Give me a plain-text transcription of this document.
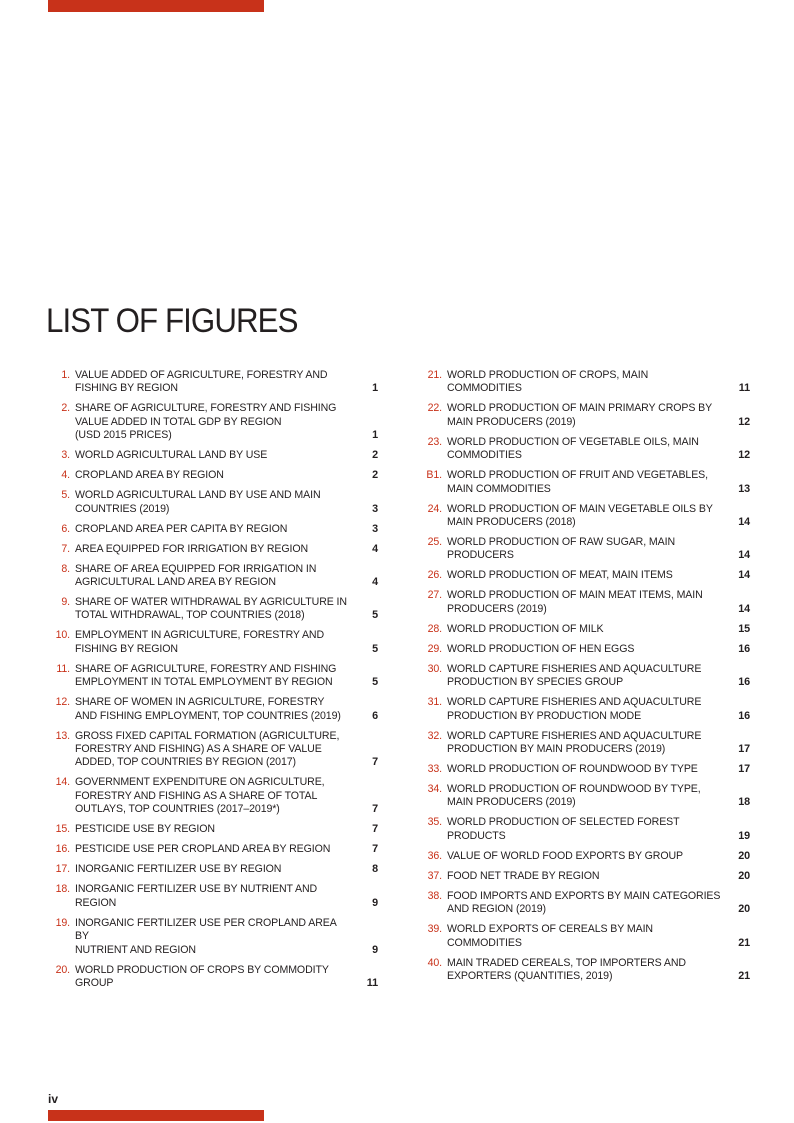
LIST OF FIGURES
1. VALUE ADDED OF AGRICULTURE, FORESTRY AND
FISHING BY REGION	1
2. SHARE OF AGRICULTURE, FORESTRY AND FISHING
VALUE ADDED IN TOTAL GDP BY REGION
(USD 2015 PRICES)	1
3. WORLD AGRICULTURAL LAND BY USE	2
4. CROPLAND AREA BY REGION	2
5. WORLD AGRICULTURAL LAND BY USE AND MAIN
COUNTRIES (2019)	3
6. CROPLAND AREA PER CAPITA BY REGION	3
7. AREA EQUIPPED FOR IRRIGATION BY REGION	4
8. SHARE OF AREA EQUIPPED FOR IRRIGATION IN
AGRICULTURAL LAND AREA BY REGION	4
9. SHARE OF WATER WITHDRAWAL BY AGRICULTURE IN
TOTAL WITHDRAWAL, TOP COUNTRIES (2018)	5
10. EMPLOYMENT IN AGRICULTURE, FORESTRY AND
FISHING BY REGION	5
11. SHARE OF AGRICULTURE, FORESTRY AND FISHING
EMPLOYMENT IN TOTAL EMPLOYMENT BY REGION	5
12. SHARE OF WOMEN IN AGRICULTURE, FORESTRY
AND FISHING EMPLOYMENT, TOP COUNTRIES (2019)	6
13. GROSS FIXED CAPITAL FORMATION (AGRICULTURE,
FORESTRY AND FISHING) AS A SHARE OF VALUE
ADDED, TOP COUNTRIES BY REGION (2017)	7
14. GOVERNMENT EXPENDITURE ON AGRICULTURE,
FORESTRY AND FISHING AS A SHARE OF TOTAL
OUTLAYS, TOP COUNTRIES (2017–2019*)	7
15. PESTICIDE USE BY REGION	7
16. PESTICIDE USE PER CROPLAND AREA BY REGION	7
17. INORGANIC FERTILIZER USE BY REGION	8
18. INORGANIC FERTILIZER USE BY NUTRIENT AND
REGION	9
19. INORGANIC FERTILIZER USE PER CROPLAND AREA BY
NUTRIENT AND REGION	9
20. WORLD PRODUCTION OF CROPS BY COMMODITY
GROUP	11
21. WORLD PRODUCTION OF CROPS, MAIN
COMMODITIES	11
22. WORLD PRODUCTION OF MAIN PRIMARY CROPS BY
MAIN PRODUCERS (2019)	12
23. WORLD PRODUCTION OF VEGETABLE OILS, MAIN
COMMODITIES	12
B1. WORLD PRODUCTION OF FRUIT AND VEGETABLES,
MAIN COMMODITIES	13
24. WORLD PRODUCTION OF MAIN VEGETABLE OILS BY
MAIN PRODUCERS (2018)	14
25. WORLD PRODUCTION OF RAW SUGAR, MAIN
PRODUCERS	14
26. WORLD PRODUCTION OF MEAT, MAIN ITEMS	14
27. WORLD PRODUCTION OF MAIN MEAT ITEMS, MAIN
PRODUCERS (2019)	14
28. WORLD PRODUCTION OF MILK	15
29. WORLD PRODUCTION OF HEN EGGS	16
30. WORLD CAPTURE FISHERIES AND AQUACULTURE
PRODUCTION BY SPECIES GROUP	16
31. WORLD CAPTURE FISHERIES AND AQUACULTURE
PRODUCTION BY PRODUCTION MODE	16
32. WORLD CAPTURE FISHERIES AND AQUACULTURE
PRODUCTION BY MAIN PRODUCERS (2019)	17
33. WORLD PRODUCTION OF ROUNDWOOD BY TYPE	17
34. WORLD PRODUCTION OF ROUNDWOOD BY TYPE,
MAIN PRODUCERS (2019)	18
35. WORLD PRODUCTION OF SELECTED FOREST
PRODUCTS	19
36. VALUE OF WORLD FOOD EXPORTS BY GROUP	20
37. FOOD NET TRADE BY REGION	20
38. FOOD IMPORTS AND EXPORTS BY MAIN CATEGORIES
AND REGION (2019)	20
39. WORLD EXPORTS OF CEREALS BY MAIN
COMMODITIES	21
40. MAIN TRADED CEREALS, TOP IMPORTERS AND
EXPORTERS (QUANTITIES, 2019)	21
iv
